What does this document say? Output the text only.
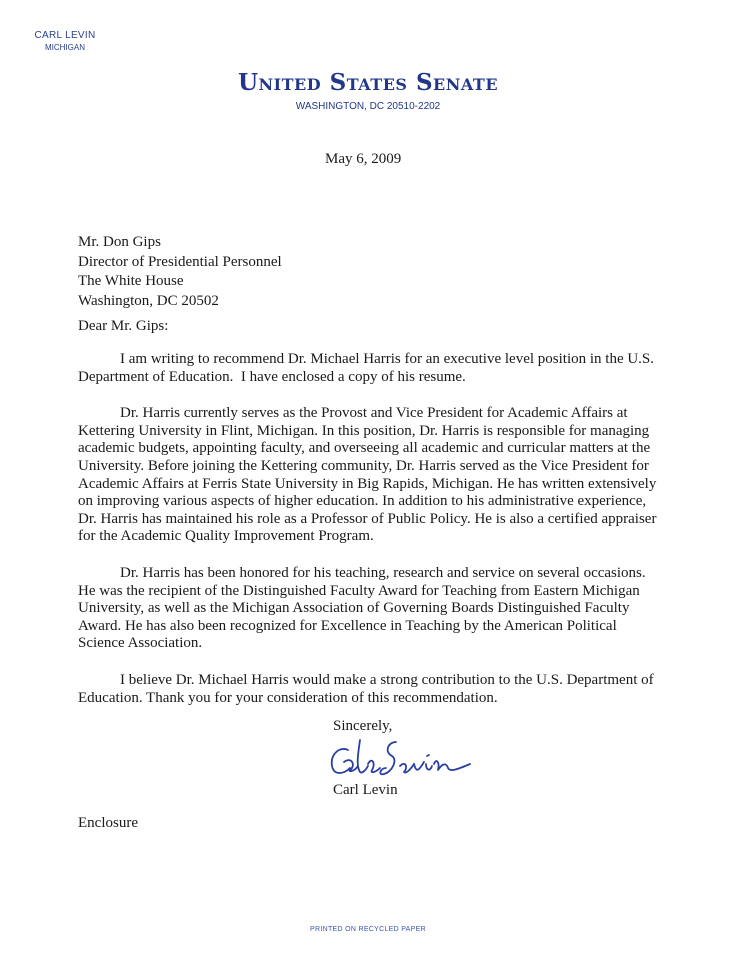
CARL LEVIN
MICHIGAN
United States Senate
WASHINGTON, DC 20510-2202
May 6, 2009
Mr. Don Gips
Director of Presidential Personnel
The White House
Washington, DC 20502
Dear Mr. Gips:

I am writing to recommend Dr. Michael Harris for an executive level position in the U.S.
Department of Education.  I have enclosed a copy of his resume.

Dr. Harris currently serves as the Provost and Vice President for Academic Affairs at Kettering University in Flint, Michigan. In this position, Dr. Harris is responsible for managing academic budgets, appointing faculty, and overseeing all academic and curricular matters at the University. Before joining the Kettering community, Dr. Harris served as the Vice President for Academic Affairs at Ferris State University in Big Rapids, Michigan. He has written extensively on improving various aspects of higher education. In addition to his administrative experience, Dr. Harris has maintained his role as a Professor of Public Policy. He is also a certified appraiser for the Academic Quality Improvement Program.

Dr. Harris has been honored for his teaching, research and service on several occasions. He was the recipient of the Distinguished Faculty Award for Teaching from Eastern Michigan University, as well as the Michigan Association of Governing Boards Distinguished Faculty Award. He has also been recognized for Excellence in Teaching by the American Political Science Association.

I believe Dr. Michael Harris would make a strong contribution to the U.S. Department of Education. Thank you for your consideration of this recommendation.

Sincerely,
Carl Levin
Enclosure
PRINTED ON RECYCLED PAPER
